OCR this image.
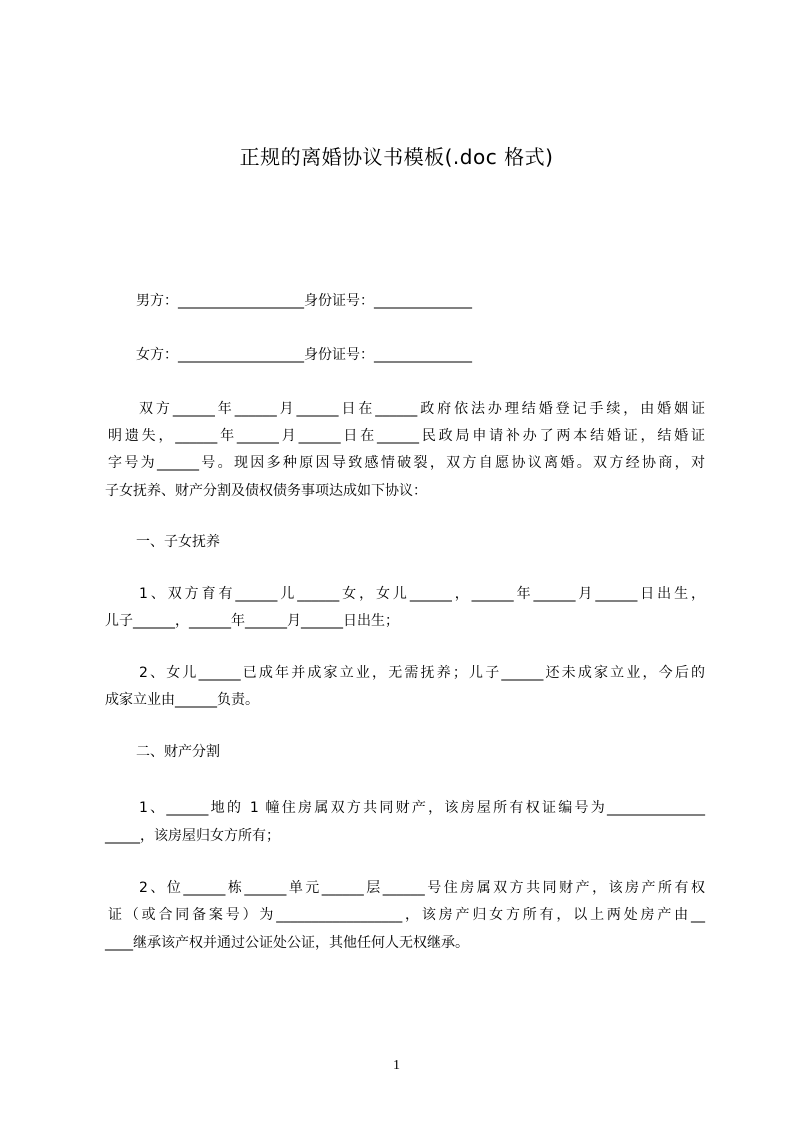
正规的离婚协议书模板(.doc 格式)
男方：__________________身份证号：______________
女方：__________________身份证号：______________
双方______年______月______日在______政府依法办理结婚登记手续，由婚姻证
明遗失，______年______月______日在______民政局申请补办了两本结婚证，结婚证
字号为______号。现因多种原因导致感情破裂，双方自愿协议离婚。双方经协商，对
子女抚养、财产分割及债权债务事项达成如下协议：
一、子女抚养
1、双方育有______儿______女，女儿______，______年______月______日出生，
儿子______，______年______月______日出生；
2、女儿______已成年并成家立业，无需抚养；儿子______还未成家立业，今后的
成家立业由______负责。
二、财产分割
1、______地的 1 幢住房属双方共同财产，该房屋所有权证编号为______________
_____，该房屋归女方所有；
2、位______栋______单元______层______号住房属双方共同财产，该房产所有权
证（或合同备案号）为__________________，该房产归女方所有，以上两处房产由__
____继承该产权并通过公证处公证，其他任何人无权继承。
1
